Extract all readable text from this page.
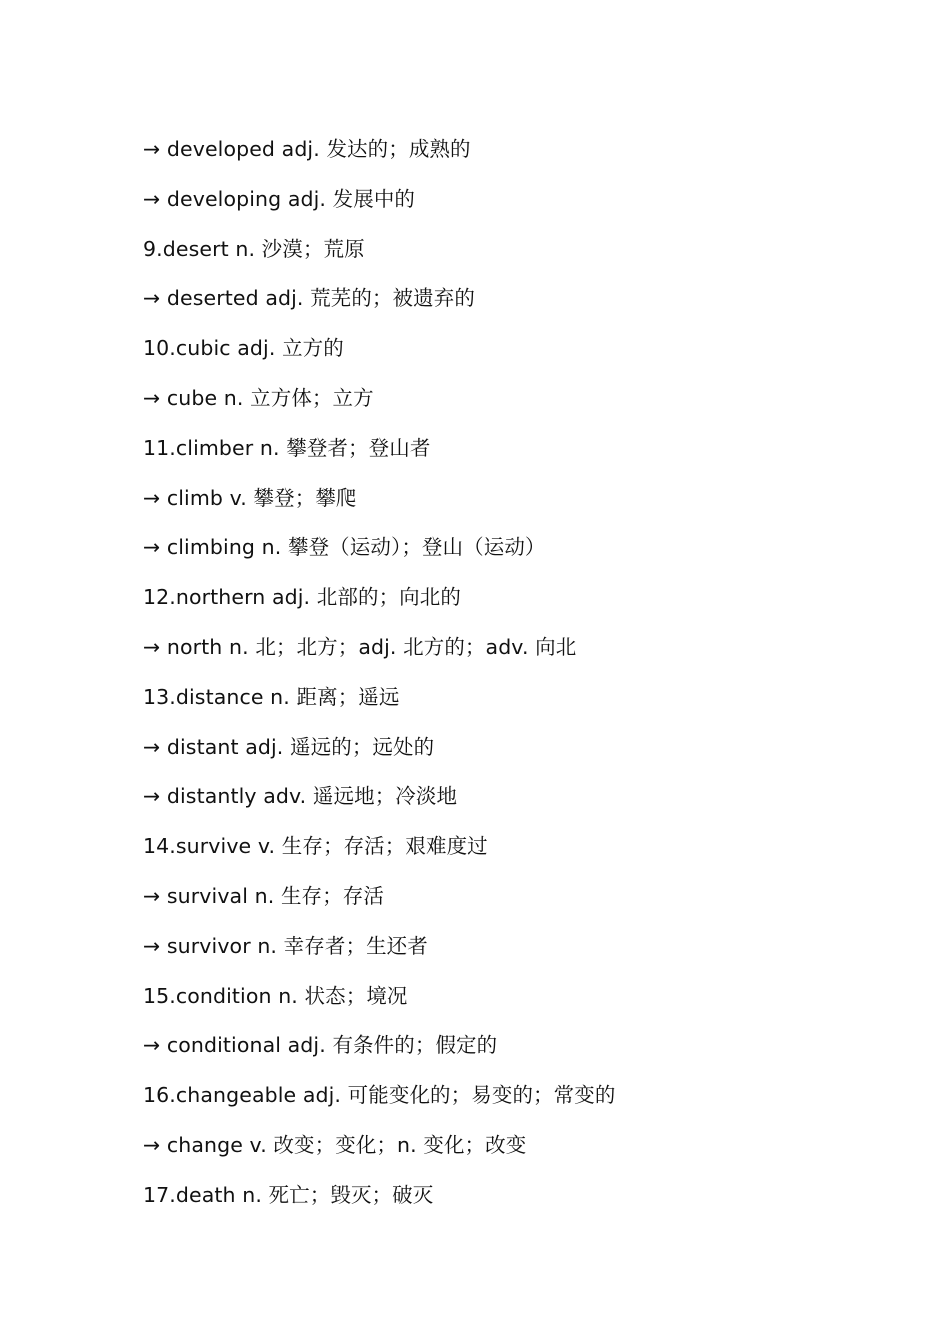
→ developed adj. 发达的；成熟的
→ developing adj. 发展中的
9.desert n. 沙漠；荒原
→ deserted adj. 荒芜的；被遗弃的
10.cubic adj. 立方的
→ cube n. 立方体；立方
11.climber n. 攀登者；登山者
→ climb v. 攀登；攀爬
→ climbing n. 攀登（运动）；登山（运动）
12.northern adj. 北部的；向北的
→ north n. 北；北方；adj. 北方的；adv. 向北
13.distance n. 距离；遥远
→ distant adj. 遥远的；远处的
→ distantly adv. 遥远地；冷淡地
14.survive v. 生存；存活；艰难度过
→ survival n. 生存；存活
→ survivor n. 幸存者；生还者
15.condition n. 状态；境况
→ conditional adj. 有条件的；假定的
16.changeable adj. 可能变化的；易变的；常变的
→ change v. 改变；变化；n. 变化；改变
17.death n. 死亡；毁灭；破灭
